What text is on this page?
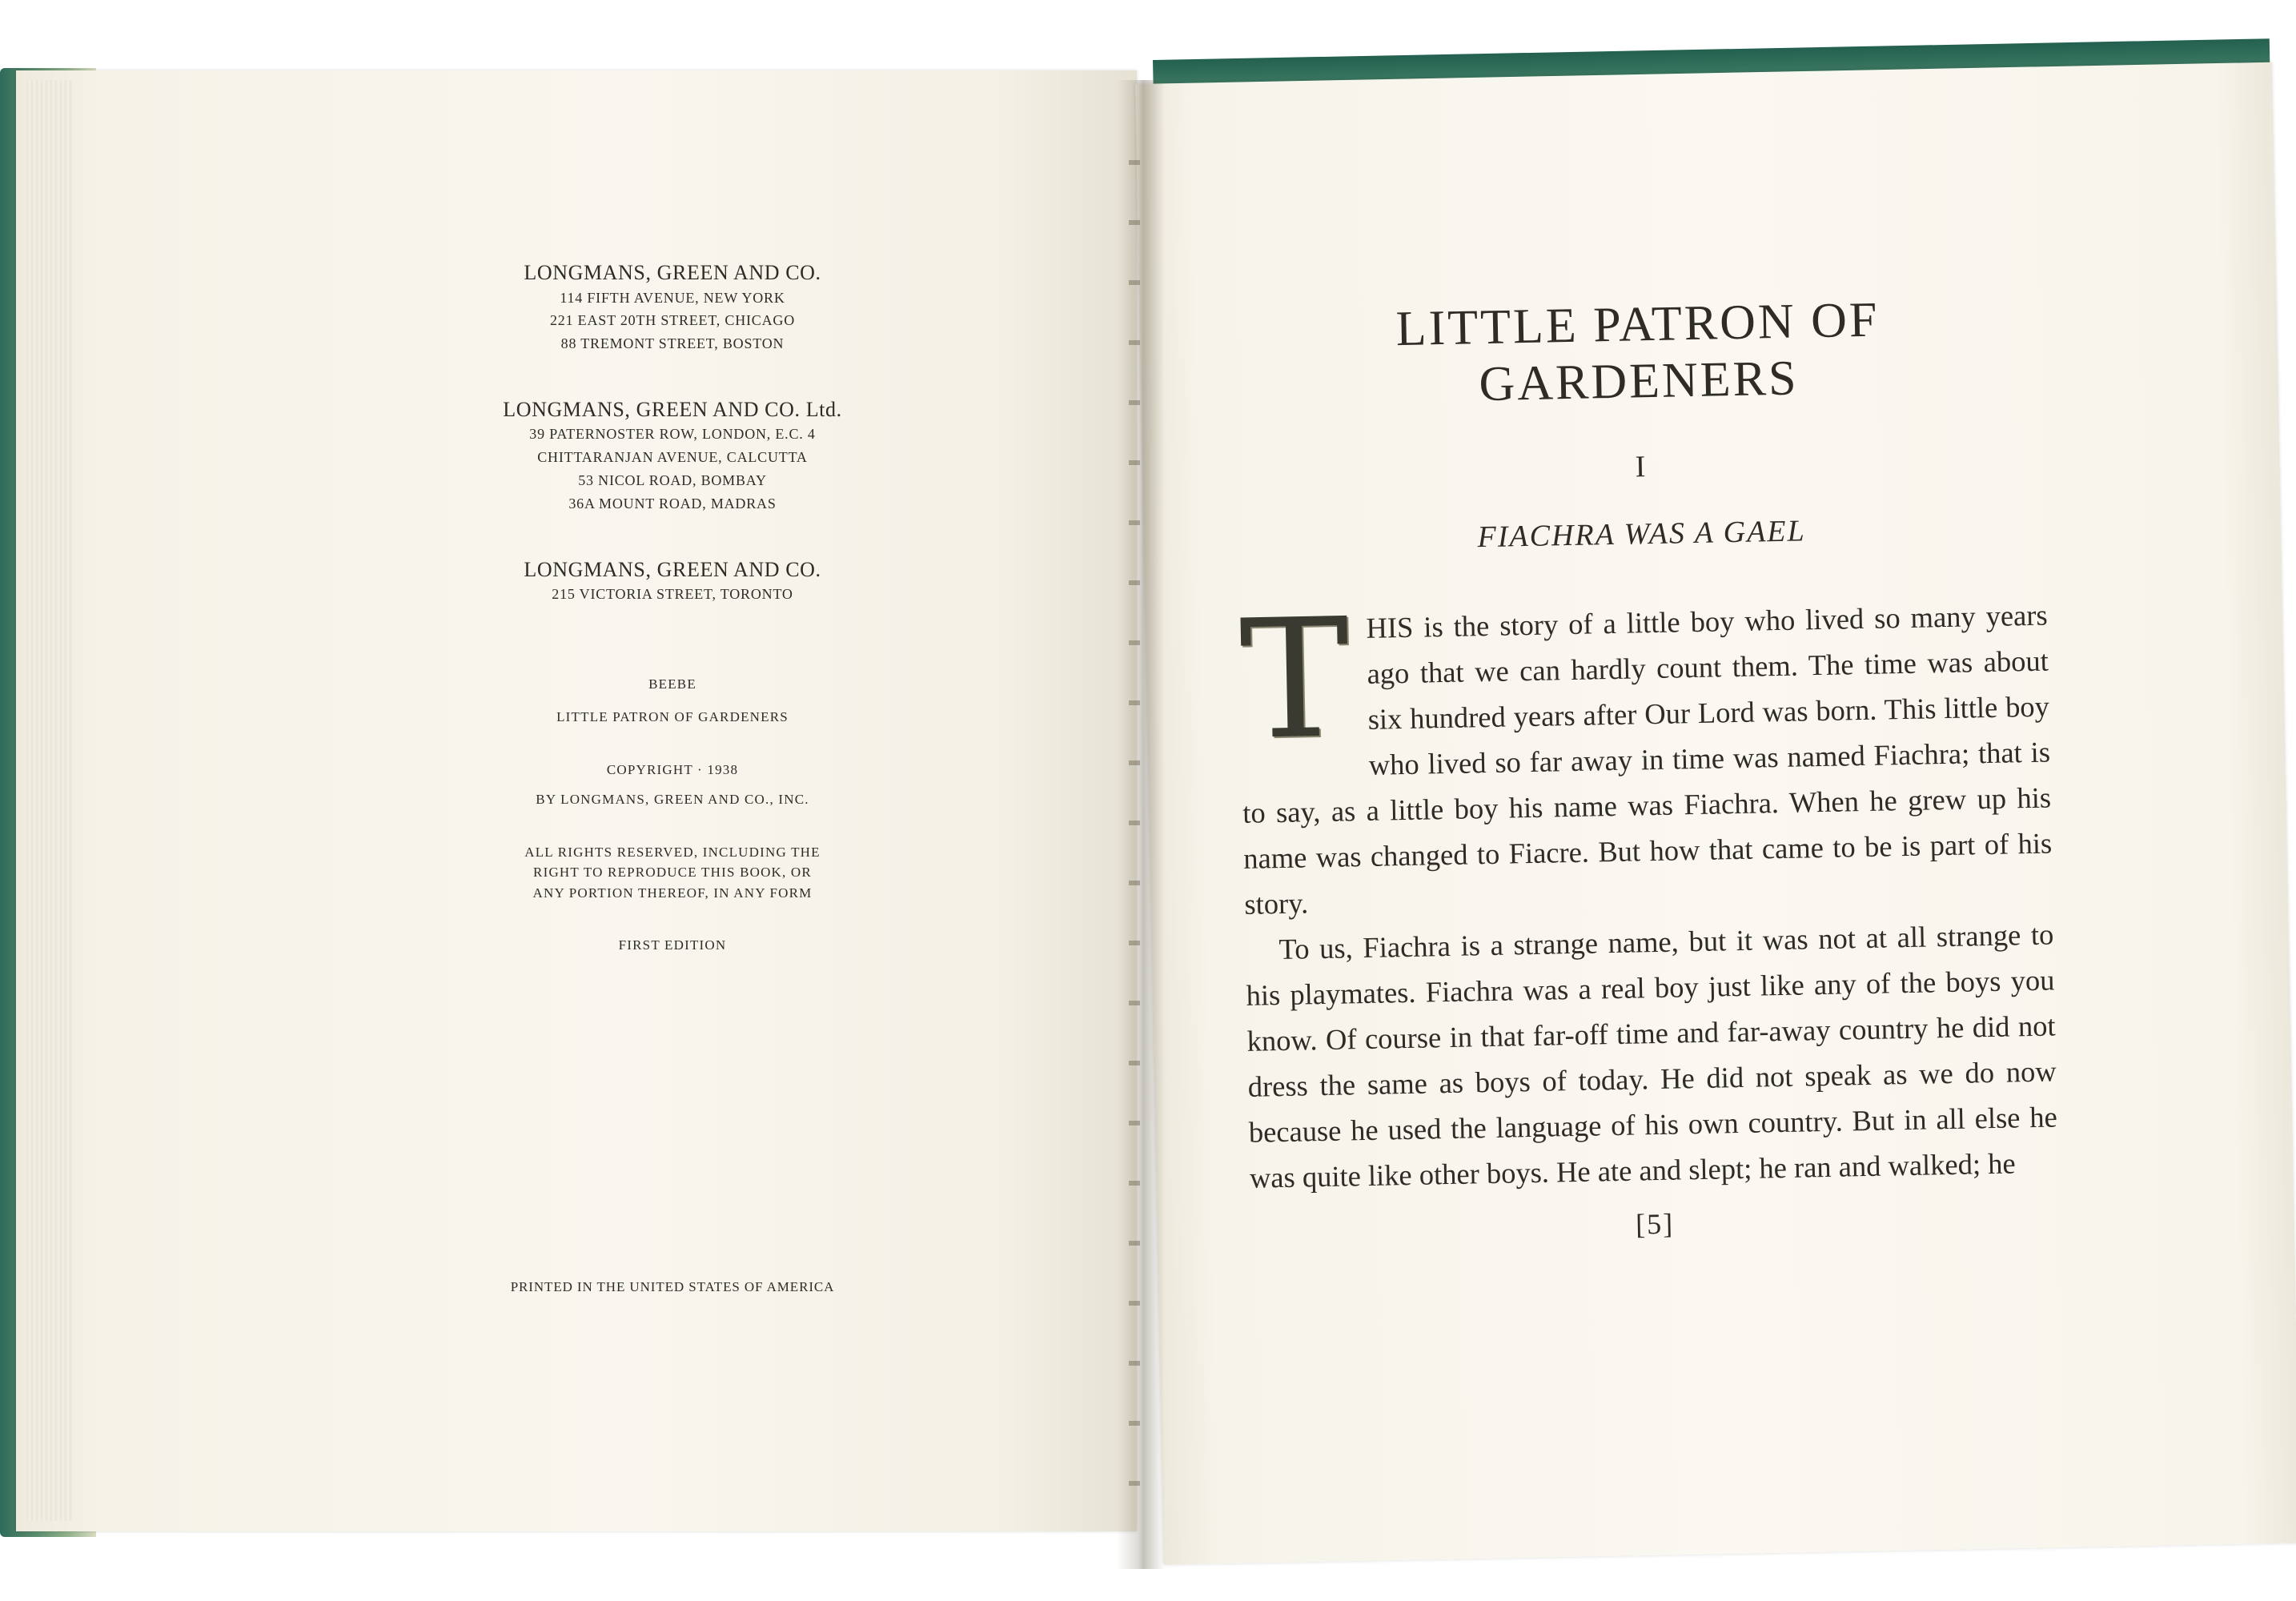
LONGMANS, GREEN AND CO.
114 FIFTH AVENUE, NEW YORK
221 EAST 20TH STREET, CHICAGO
88 TREMONT STREET, BOSTON
LONGMANS, GREEN AND CO. Ltd.
39 PATERNOSTER ROW, LONDON, E.C. 4
CHITTARANJAN AVENUE, CALCUTTA
53 NICOL ROAD, BOMBAY
36A MOUNT ROAD, MADRAS
LONGMANS, GREEN AND CO.
215 VICTORIA STREET, TORONTO
BEEBE
LITTLE PATRON OF GARDENERS
COPYRIGHT · 1938
BY LONGMANS, GREEN AND CO., INC.
ALL RIGHTS RESERVED, INCLUDING THE
RIGHT TO REPRODUCE THIS BOOK, OR
ANY PORTION THEREOF, IN ANY FORM
FIRST EDITION
PRINTED IN THE UNITED STATES OF AMERICA
LITTLE PATRON OF
GARDENERS
I
FIACHRA WAS A GAEL

THIS is the story of a little boy who lived so many years ago that we can hardly count them. The time was about six hundred years after Our Lord was born. This little boy who lived so far away in time was named Fiachra; that is to say, as a little boy his name was Fiachra. When he grew up his name was changed to Fiacre. But how that came to be is part of his story.

To us, Fiachra is a strange name, but it was not at all strange to his playmates. Fiachra was a real boy just like any of the boys you know. Of course in that far-off time and far-away country he did not dress the same as boys of today. He did not speak as we do now because he used the language of his own country. But in all else he was quite like other boys. He ate and slept; he ran and walked; he

[5]
